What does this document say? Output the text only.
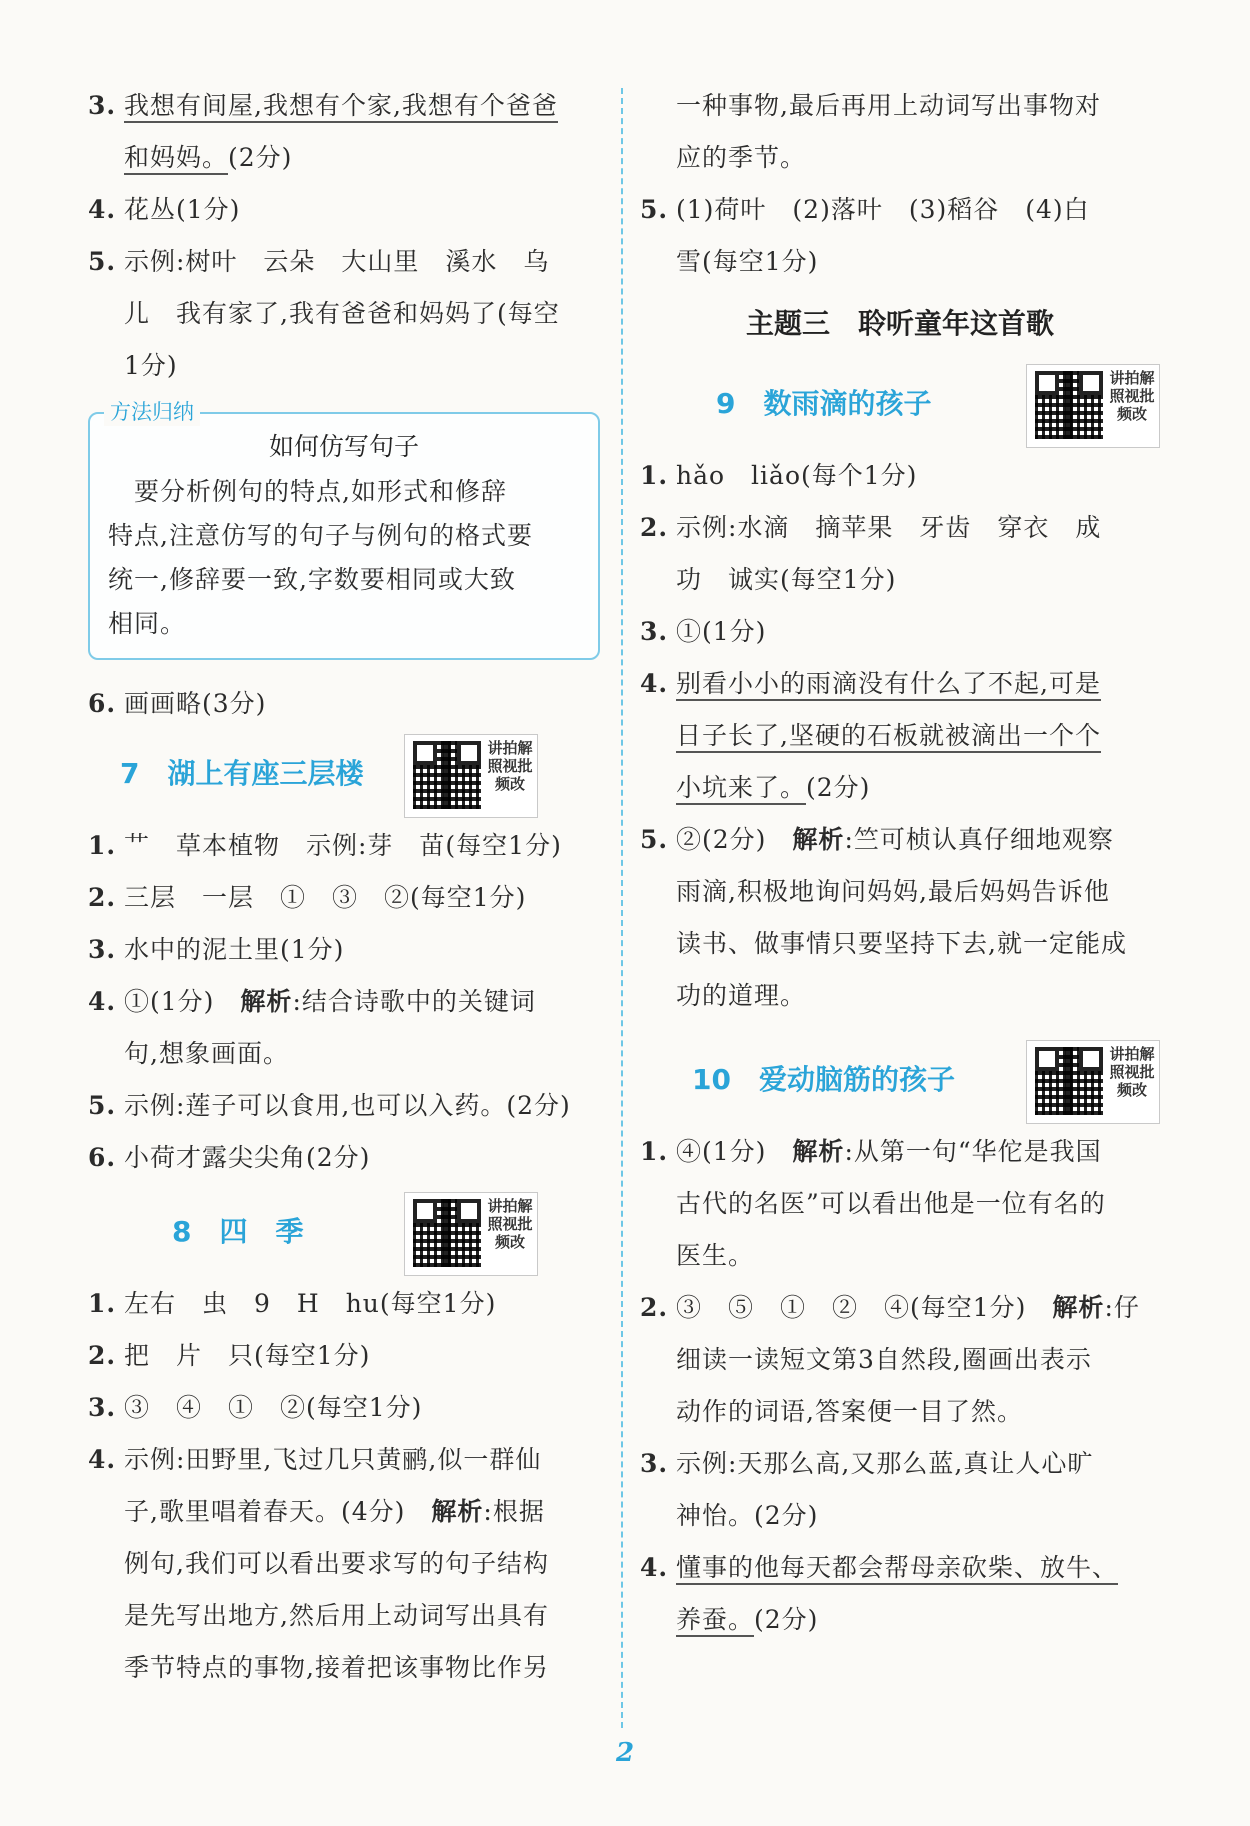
3. 我想有间屋,我想有个家,我想有个爸爸
和妈妈。(2分)
4. 花丛(1分)
5. 示例:树叶　云朵　大山里　溪水　乌
儿　我有家了,我有爸爸和妈妈了(每空
1分)
方法归纳
如何仿写句子
　要分析例句的特点,如形式和修辞
特点,注意仿写的句子与例句的格式要
统一,修辞要一致,字数要相同或大致
相同。
6. 画画略(3分)
7　湖上有座三层楼
讲拍解照视批频改
1. 艹　草本植物　示例:芽　苗(每空1分)
2. 三层　一层　①　③　②(每空1分)
3. 水中的泥土里(1分)
4. ①(1分)　解析:结合诗歌中的关键词
句,想象画面。
5. 示例:莲子可以食用,也可以入药。(2分)
6. 小荷才露尖尖角(2分)
8　四　季
讲拍解照视批频改
1. 左右　虫　9　H　hu(每空1分)
2. 把　片　只(每空1分)
3. ③　④　①　②(每空1分)
4. 示例:田野里,飞过几只黄鹂,似一群仙
子,歌里唱着春天。(4分)　解析:根据
例句,我们可以看出要求写的句子结构
是先写出地方,然后用上动词写出具有
季节特点的事物,接着把该事物比作另
一种事物,最后再用上动词写出事物对
应的季节。
5. (1)荷叶　(2)落叶　(3)稻谷　(4)白
雪(每空1分)
主题三　聆听童年这首歌
9　数雨滴的孩子
讲拍解照视批频改
1. hǎo　liǎo(每个1分)
2. 示例:水滴　摘苹果　牙齿　穿衣　成
功　诚实(每空1分)
3. ①(1分)
4. 别看小小的雨滴没有什么了不起,可是
日子长了,坚硬的石板就被滴出一个个
小坑来了。(2分)
5. ②(2分)　解析:竺可桢认真仔细地观察
雨滴,积极地询问妈妈,最后妈妈告诉他
读书、做事情只要坚持下去,就一定能成
功的道理。
10　爱动脑筋的孩子
讲拍解照视批频改
1. ④(1分)　解析:从第一句“华佗是我国
古代的名医”可以看出他是一位有名的
医生。
2. ③　⑤　①　②　④(每空1分)　解析:仔
细读一读短文第3自然段,圈画出表示
动作的词语,答案便一目了然。
3. 示例:天那么高,又那么蓝,真让人心旷
神怡。(2分)
4. 懂事的他每天都会帮母亲砍柴、放牛、
养蚕。(2分)
2
